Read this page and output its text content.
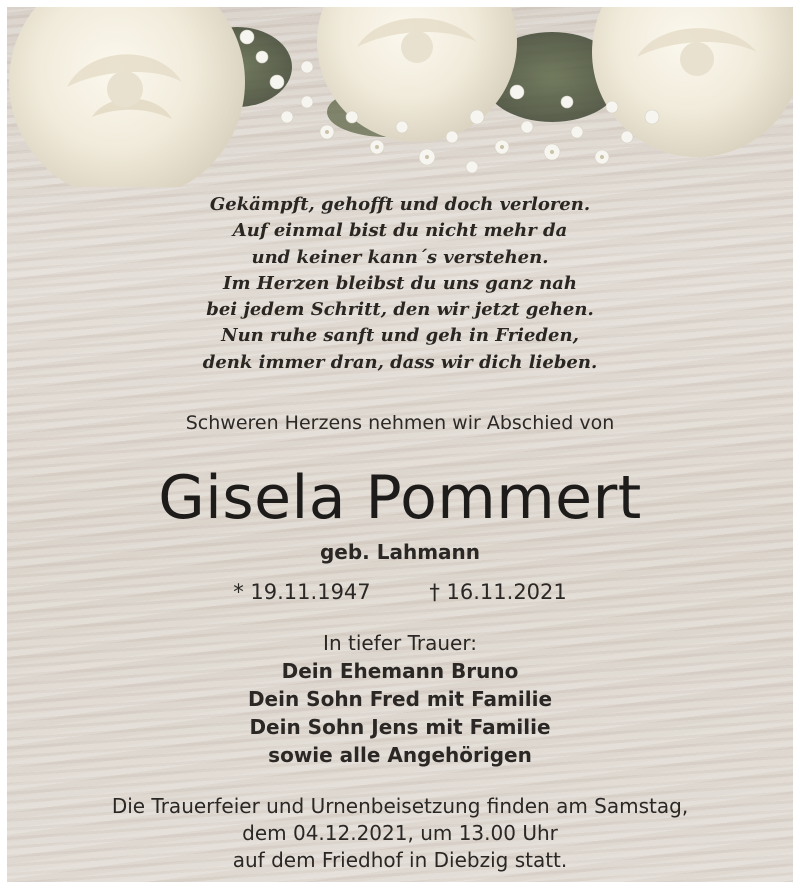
Gekämpft, gehofft und doch verloren.
Auf einmal bist du nicht mehr da
und keiner kann´s verstehen.
Im Herzen bleibst du uns ganz nah
bei jedem Schritt, den wir jetzt gehen.
Nun ruhe sanft und geh in Frieden,
denk immer dran, dass wir dich lieben.

Schweren Herzens nehmen wir Abschied von

Gisela Pommert

geb. Lahmann

* 19.11.1947	† 16.11.2021

In tiefer Trauer:
Dein Ehemann Bruno
Dein Sohn Fred mit Familie
Dein Sohn Jens mit Familie
sowie alle Angehörigen
Die Trauerfeier und Urnenbeisetzung finden am Samstag,
dem 04.12.2021, um 13.00 Uhr
auf dem Friedhof in Diebzig statt.
